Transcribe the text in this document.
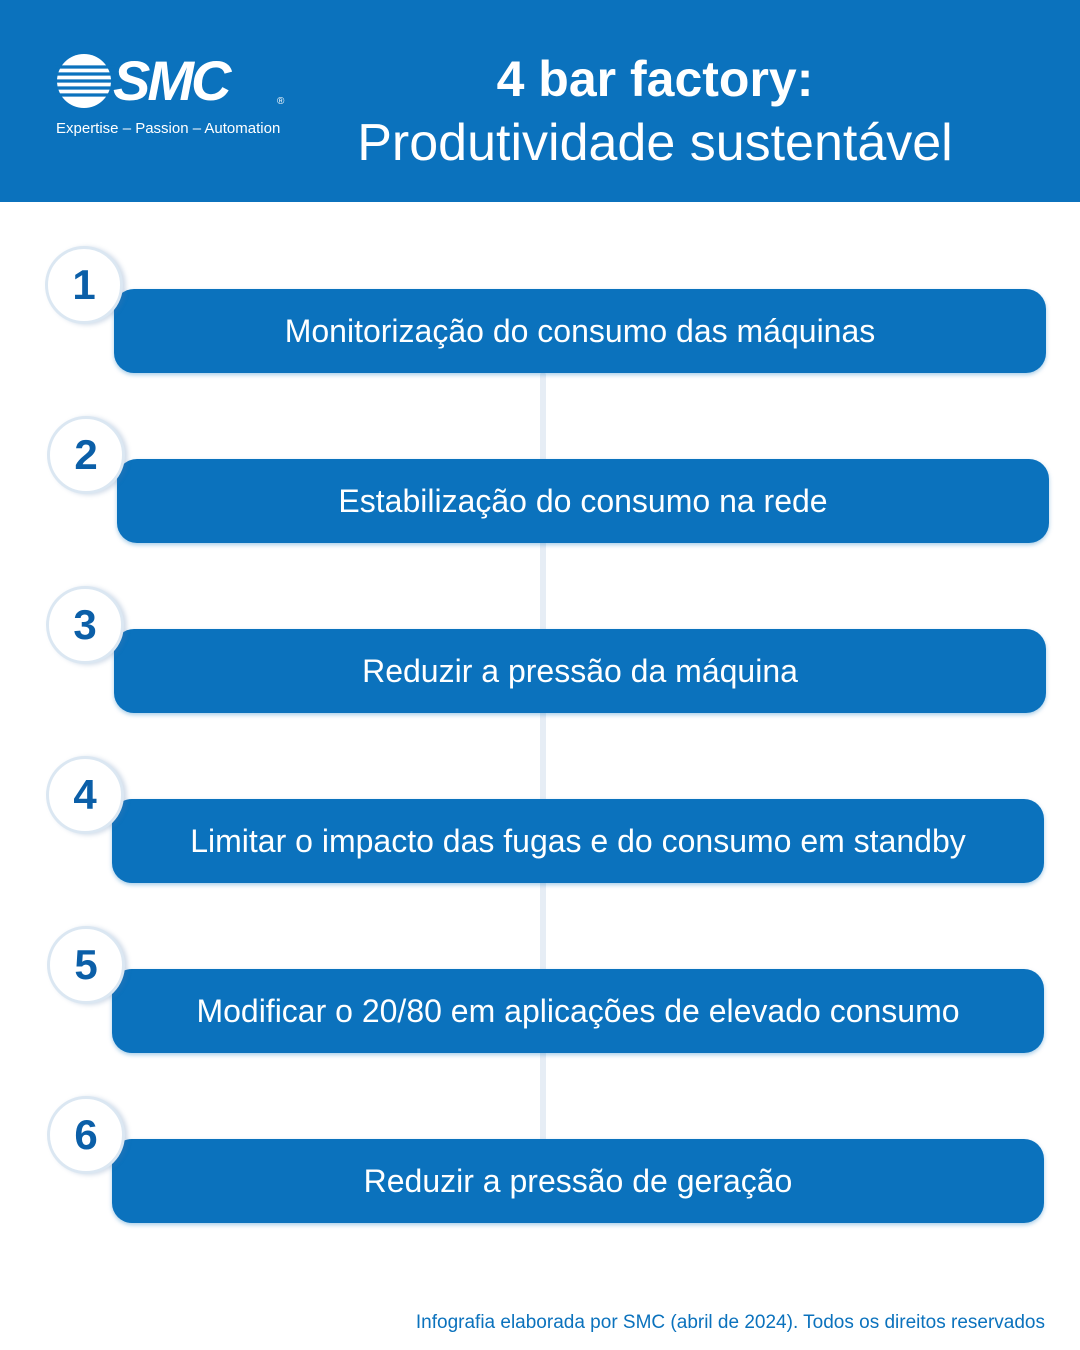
SMC	®
Expertise – Passion – Automation
4 bar factory:
Produtividade sustentável
1
Monitorização do consumo das máquinas
2
Estabilização do consumo na rede
3
Reduzir a pressão da máquina
4
Limitar o impacto das fugas e do consumo em standby
5
Modificar o 20/80 em aplicações de elevado consumo
6
Reduzir a pressão de geração
Infografia elaborada por SMC (abril de 2024). Todos os direitos reservados
